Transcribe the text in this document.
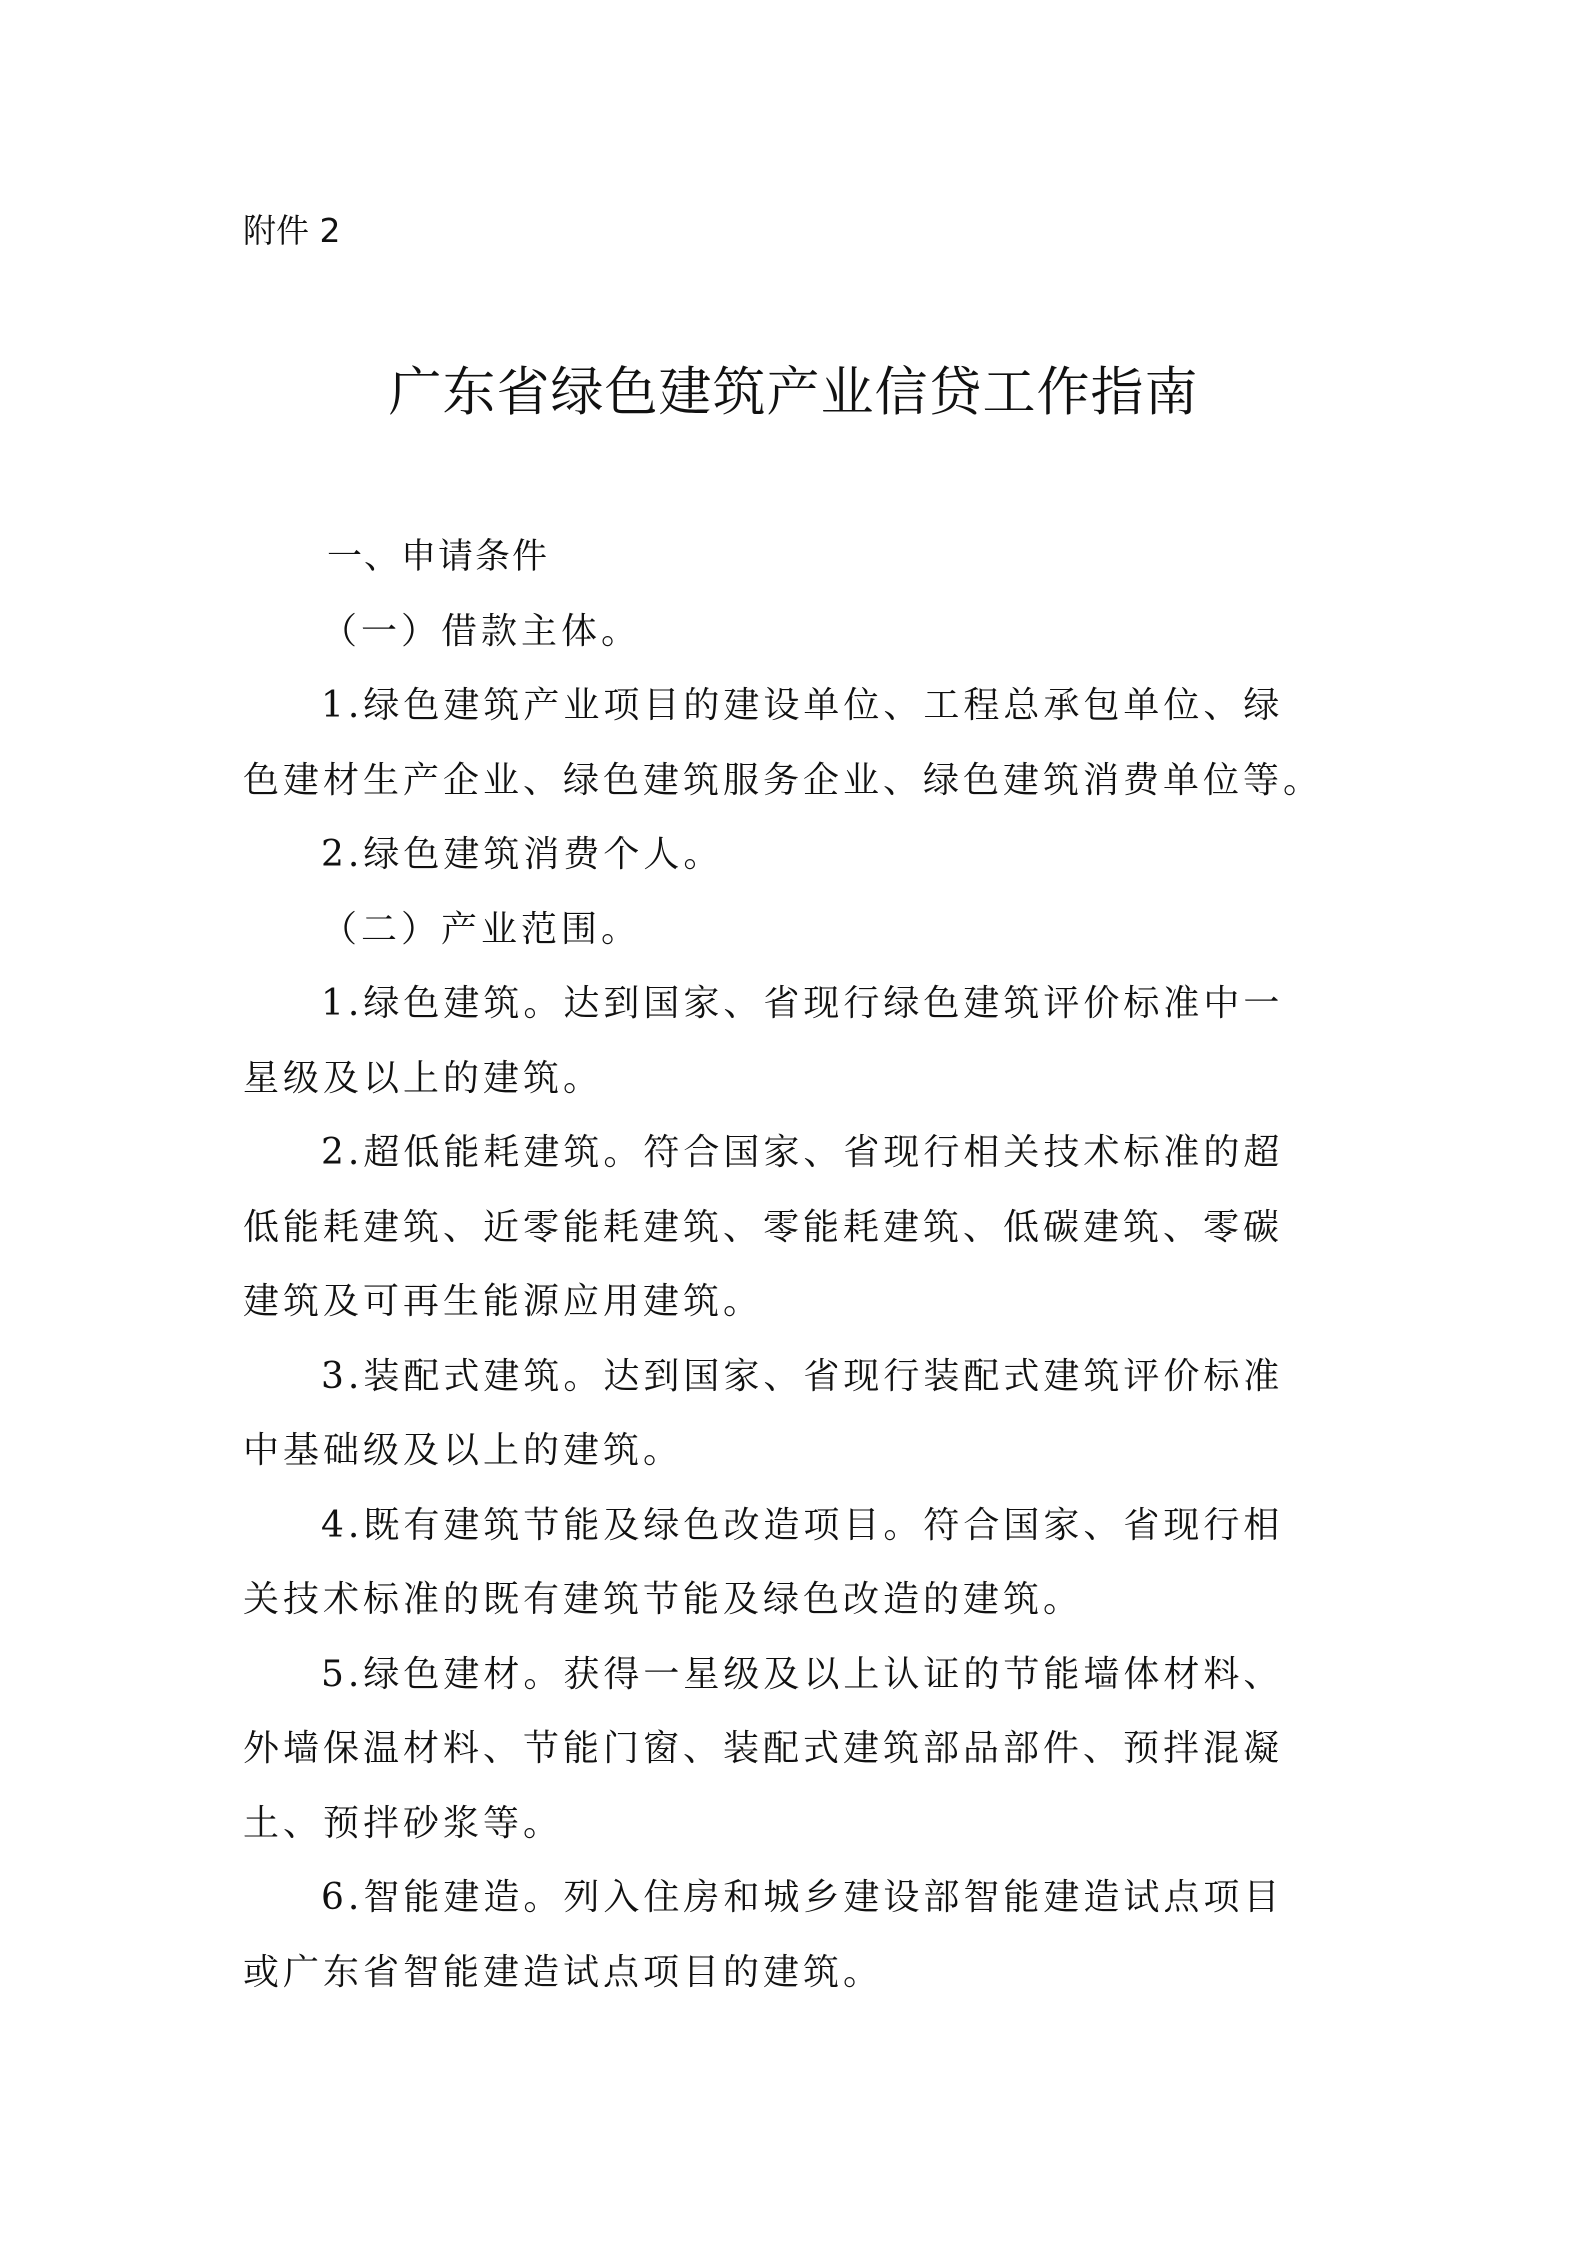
附件 2
广东省绿色建筑产业信贷工作指南
一、申请条件
（一）借款主体。
1.绿色建筑产业项目的建设单位、工程总承包单位、绿
色建材生产企业、绿色建筑服务企业、绿色建筑消费单位等。
2.绿色建筑消费个人。
（二）产业范围。
1.绿色建筑。达到国家、省现行绿色建筑评价标准中一
星级及以上的建筑。
2.超低能耗建筑。符合国家、省现行相关技术标准的超
低能耗建筑、近零能耗建筑、零能耗建筑、低碳建筑、零碳
建筑及可再生能源应用建筑。
3.装配式建筑。达到国家、省现行装配式建筑评价标准
中基础级及以上的建筑。
4.既有建筑节能及绿色改造项目。符合国家、省现行相
关技术标准的既有建筑节能及绿色改造的建筑。
5.绿色建材。获得一星级及以上认证的节能墙体材料、
外墙保温材料、节能门窗、装配式建筑部品部件、预拌混凝
土、预拌砂浆等。
6.智能建造。列入住房和城乡建设部智能建造试点项目
或广东省智能建造试点项目的建筑。
